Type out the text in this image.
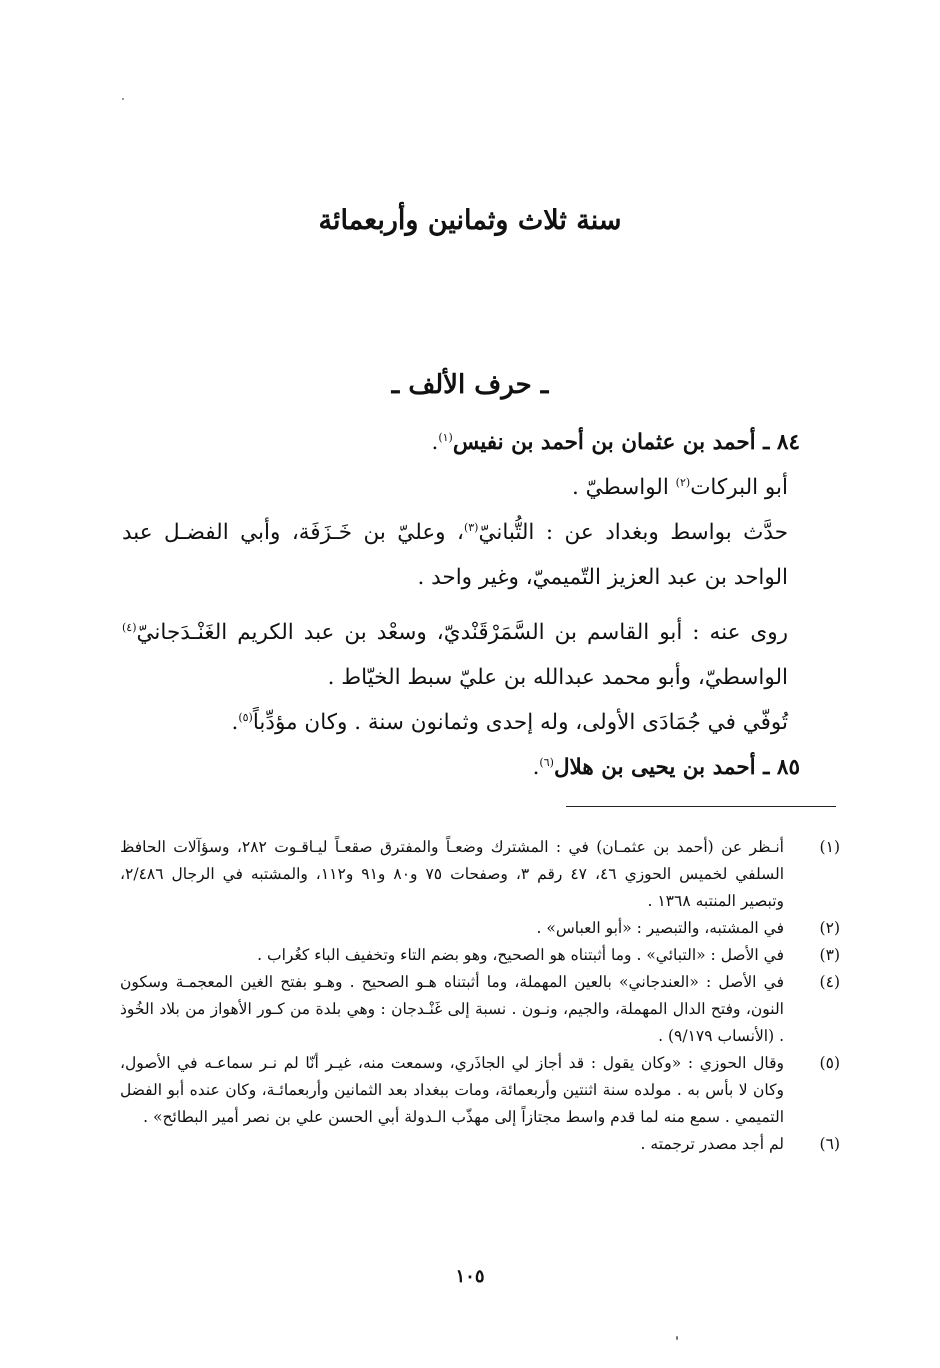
سنة ثلاث وثمانين وأربعمائة
ـ حرف الألف ـ

٨٤ ـ أحمد بن عثمان بن أحمد بن نفيس$^{(١)}$.

أبو البركات$^{(٢)}$ الواسطيّ .

حدَّث بواسط وبغداد عن : التُّبانيّ$^{(٣)}$، وعليّ بن خَـزَفَة، وأبي الفضـل عبد الواحد بن عبد العزيز التّميميّ، وغير واحد .

روى عنه : أبو القاسم بن السَّمَرْقَنْديّ، وسعْد بن عبد الكريم الغَنْـدَجانيّ$^{(٤)}$ الواسطيّ، وأبو محمد عبدالله بن عليّ سبط الخيّاط .

تُوفّي في جُمَادَى الأولى، وله إحدى وثمانون سنة . وكان مؤدِّباً$^{(٥)}$.

٨٥ ـ أحمد بن يحيى بن هلال$^{(٦)}$.

(١)
أنـظر عن (أحمد بن عثمـان) في : المشترك وضعـاً والمفترق صقعـاً ليـاقـوت ٢٨٢، وسؤآلات الحافظ السلفي لخميس الحوزي ٤٦، ٤٧ رقم ٣، وصفحات ٧٥ و٨٠ و٩١ و١١٢، والمشتبه في الرجال ٢/٤٨٦، وتبصير المنتبه ١٣٦٨ .
(٢)
في المشتبه، والتبصير : «أبو العباس» .
(٣)
في الأصل : «التبائي» . وما أثبتناه هو الصحيح، وهو بضم التاء وتخفيف الباء كغُراب .
(٤)
في الأصل : «العندجاني» بالعين المهملة، وما أثبتناه هـو الصحيح . وهـو بفتح الغين المعجمـة وسكون النون، وفتح الدال المهملة، والجيم، ونـون . نسبة إلى غَنْـدجان : وهي بلدة من كـور الأهواز من بلاد الخُوذ . (الأنساب ٩/١٧٩) .
(٥)
وقال الحوزي : «وكان يقول : قد أجاز لي الجاذَري، وسمعت منه، غيـر أنّا لم نـر سماعـه في الأصول، وكان لا بأس به . مولده سنة اثنتين وأربعمائة، ومات ببغداد بعد الثمانين وأربعمائـة، وكان عنده أبو الفضل التميمي . سمع منه لما قدم واسط مجتازاً إلى مهذّب الـدولة أبي الحسن علي بن نصر أمير البطائح» .
(٦)
لم أجد مصدر ترجمته .
١٠٥
